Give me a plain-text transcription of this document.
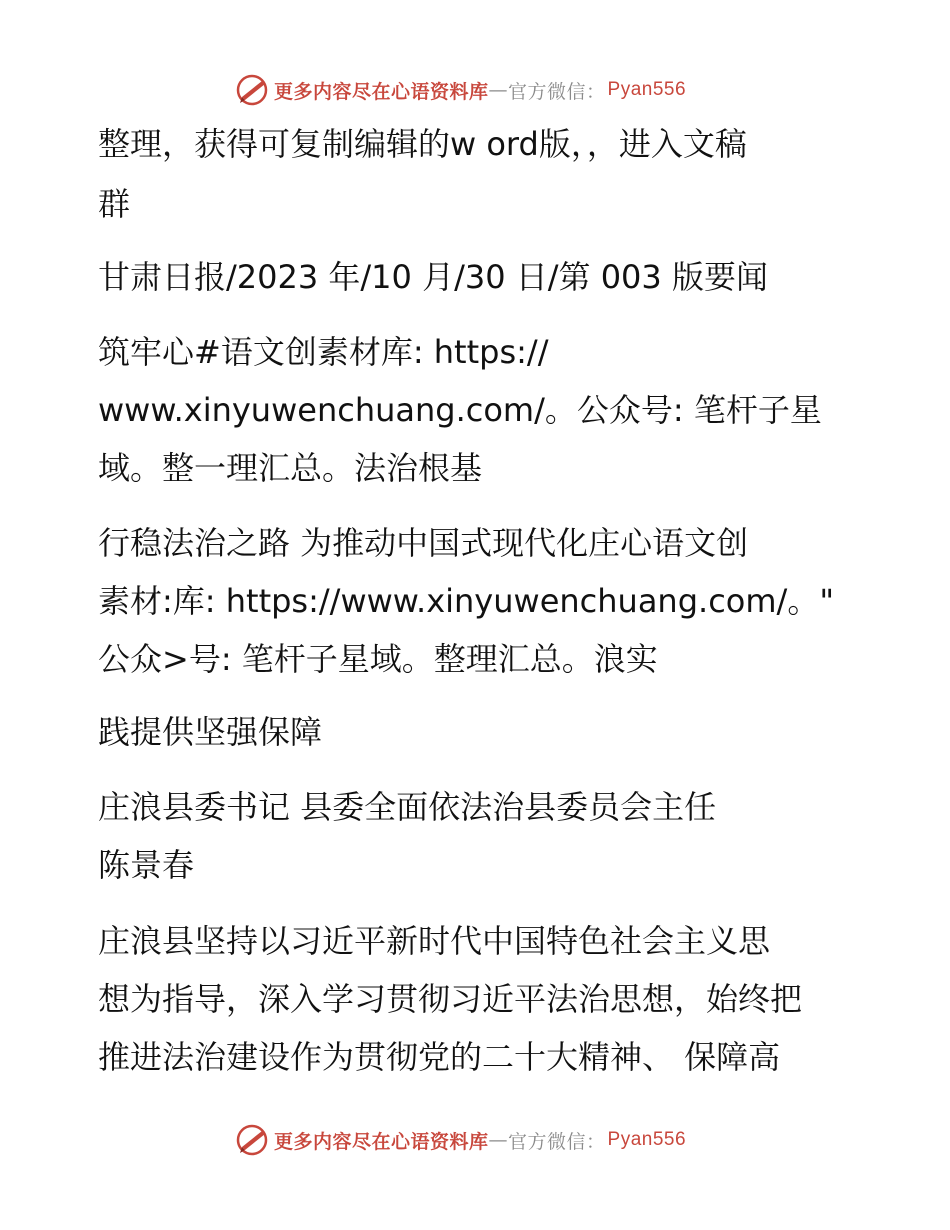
更多内容尽在心语资料库 — 官方微信： Pyan556
整理，获得可复制编辑的w ord版，，进入文稿
群
甘肃日报/2023 年/10 月/30 日/第 003 版要闻
筑牢心#语文创素材库: https://
www.xinyuwenchuang.com/。公众号: 笔杆子星
域。整一理汇总。法治根基
行稳法治之路 为推动中国式现代化庄心语文创
素材:库: https://www.xinyuwenchuang.com/。"
公众>号: 笔杆子星域。整理汇总。浪实
践提供坚强保障
庄浪县委书记 县委全面依法治县委员会主任
陈景春
庄浪县坚持以习近平新时代中国特色社会主义思
想为指导，深入学习贯彻习近平法治思想，始终把
推进法治建设作为贯彻党的二十大精神、 保障高
更多内容尽在心语资料库 — 官方微信： Pyan556
